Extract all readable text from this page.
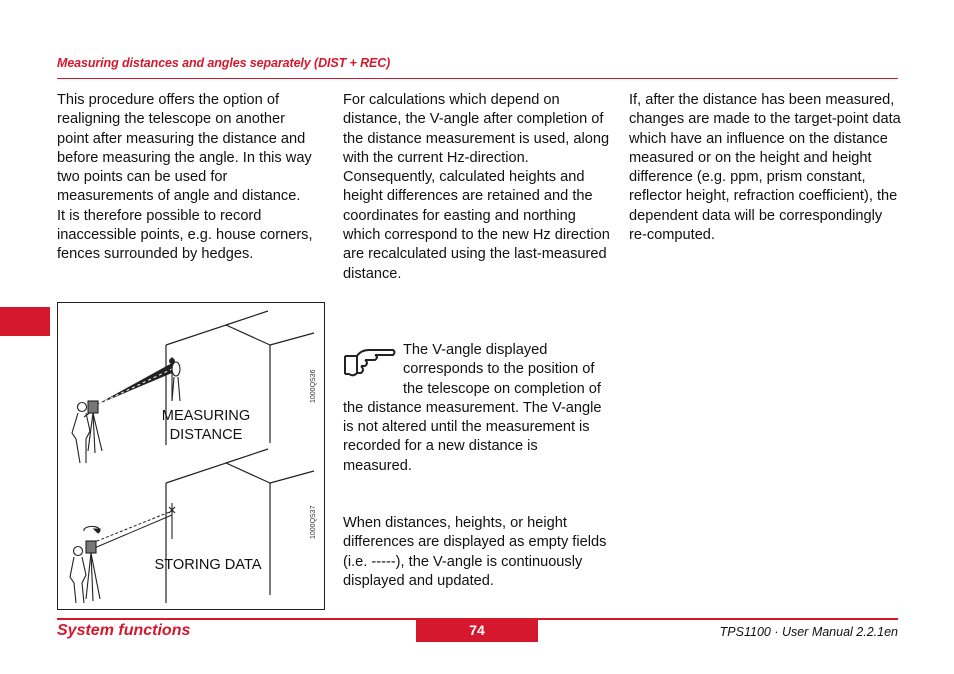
Measuring distances and angles separately (DIST + REC)

This procedure offers the option of realigning the telescope on another point after measuring the distance and before measuring the angle. In this way two points can be used for measurements of angle and distance.

It is therefore possible to record inaccessible points, e.g. house corners, fences surrounded by hedges.

For calculations which depend on distance, the V-angle after completion of the distance measurement is used, along with the current Hz-direction. Consequently, calculated heights and height differences are retained and the coordinates for easting and northing which correspond to the new Hz direction are recalculated using the last-measured distance.

If, after the distance has been measured, changes are made to the target-point data which have an influence on the distance measured or on the height and height difference (e.g. ppm, prism constant, reflector height, refraction coefficient), the dependent data will be correspondingly re-computed.

MEASURING
DISTANCE
STORING DATA
1000QS36
1000QS37
The V-angle displayed corresponds to the position of the telescope on completion of the distance measurement. The V-angle is not altered until the measurement is recorded for a new distance is measured.
When distances, heights, or height differences are displayed as empty fields (i.e. -----), the V-angle is continuously displayed and updated.
System functions	74	TPS1100 · User Manual 2.2.1en
